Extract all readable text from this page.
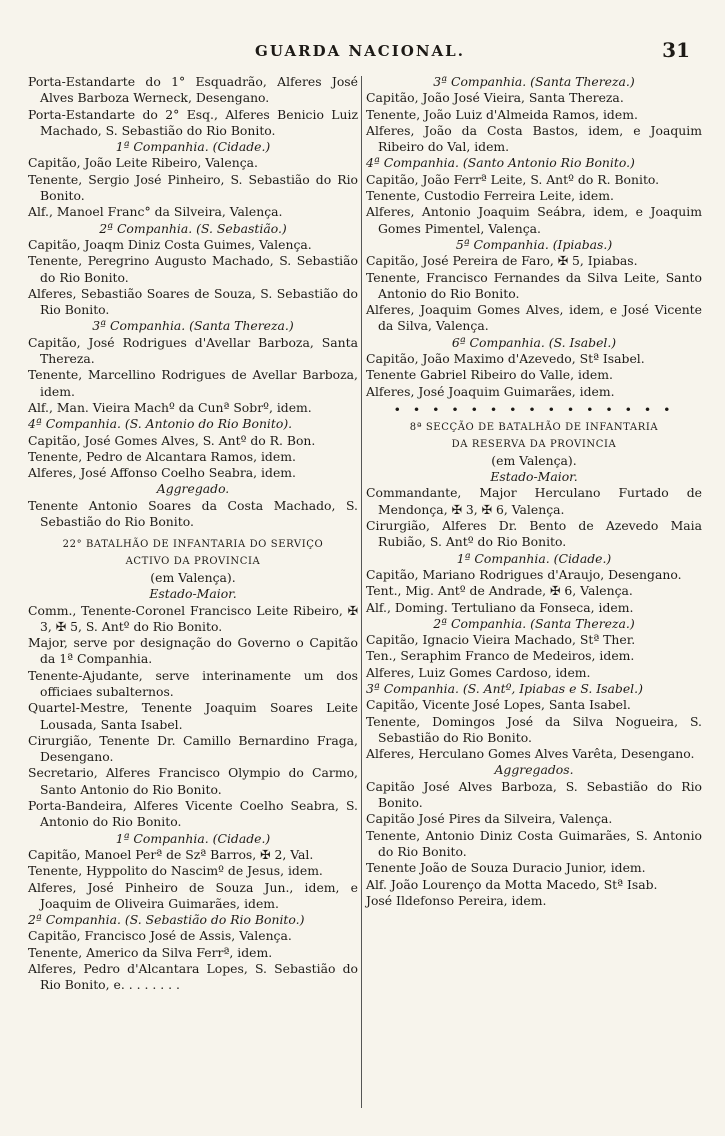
GUARDA NACIONAL.	31

Porta-Estandarte do 1° Esquadrão, Alferes José Alves Barboza Werneck, Desengano.

Porta-Estandarte do 2° Esq., Alferes Benicio Luiz Machado, S. Sebastião do Rio Bonito.

1ª Companhia. (Cidade.)

Capitão, João Leite Ribeiro, Valença.

Tenente, Sergio José Pinheiro, S. Sebastião do Rio Bonito.

Alf., Manoel Franc° da Silveira, Valença.

2ª Companhia. (S. Sebastião.)

Capitão, Joaqm Diniz Costa Guimes, Valença.

Tenente, Peregrino Augusto Machado, S. Sebastião do Rio Bonito.

Alferes, Sebastião Soares de Souza, S. Sebastião do Rio Bonito.

3ª Companhia. (Santa Thereza.)

Capitão, José Rodrigues d'Avellar Barboza, Santa Thereza.

Tenente, Marcellino Rodrigues de Avellar Barboza, idem.

Alf., Man. Vieira Machº da Cunª Sobrº, idem.

4ª Companhia. (S. Antonio do Rio Bonito).

Capitão, José Gomes Alves, S. Antº do R. Bon.

Tenente, Pedro de Alcantara Ramos, idem.

Alferes, José Affonso Coelho Seabra, idem.

Aggregado.

Tenente Antonio Soares da Costa Machado, S. Sebastião do Rio Bonito.

22° BATALHÃO DE INFANTARIA DO SERVIÇO

ACTIVO DA PROVINCIA

(em Valença).

Estado-Maior.

Comm., Tenente-Coronel Francisco Leite Ribeiro, ✠ 3, ✠ 5, S. Antº do Rio Bonito.

Major, serve por designação do Governo o Capitão da 1ª Companhia.

Tenente-Ajudante, serve interinamente um dos officiaes subalternos.

Quartel-Mestre, Tenente Joaquim Soares Leite Lousada, Santa Isabel.

Cirurgião, Tenente Dr. Camillo Bernardino Fraga, Desengano.

Secretario, Alferes Francisco Olympio do Carmo, Santo Antonio do Rio Bonito.

Porta-Bandeira, Alferes Vicente Coelho Seabra, S. Antonio do Rio Bonito.

1ª Companhia. (Cidade.)

Capitão, Manoel Perª de Szª Barros, ✠ 2, Val.

Tenente, Hyppolito do Nascimº de Jesus, idem.

Alferes, José Pinheiro de Souza Jun., idem, e Joaquim de Oliveira Guimarães, idem.

2ª Companhia. (S. Sebastião do Rio Bonito.)

Capitão, Francisco José de Assis, Valença.

Tenente, Americo da Silva Ferrª, idem.

Alferes, Pedro d'Alcantara Lopes, S. Sebastião do Rio Bonito, e. . . . . . . .

3ª Companhia. (Santa Thereza.)

Capitão, João José Vieira, Santa Thereza.

Tenente, João Luiz d'Almeida Ramos, idem.

Alferes, João da Costa Bastos, idem, e Joaquim Ribeiro do Val, idem.

4ª Companhia. (Santo Antonio Rio Bonito.)

Capitão, João Ferrª Leite, S. Antº do R. Bonito.

Tenente, Custodio Ferreira Leite, idem.

Alferes, Antonio Joaquim Seábra, idem, e Joaquim Gomes Pimentel, Valença.

5ª Companhia. (Ipiabas.)

Capitão, José Pereira de Faro, ✠ 5, Ipiabas.

Tenente, Francisco Fernandes da Silva Leite, Santo Antonio do Rio Bonito.

Alferes, Joaquim Gomes Alves, idem, e José Vicente da Silva, Valença.

6ª Companhia. (S. Isabel.)

Capitão, João Maximo d'Azevedo, Stª Isabel.

Tenente Gabriel Ribeiro do Valle, idem.

Alferes, José Joaquim Guimarães, idem.

• • • • • • • • • • • • • • •

8ª SECÇÃO DE BATALHÃO DE INFANTARIA

DA RESERVA DA PROVINCIA

(em Valença).

Estado-Maior.

Commandante, Major Herculano Furtado de Mendonça, ✠ 3, ✠ 6, Valença.

Cirurgião, Alferes Dr. Bento de Azevedo Maia Rubião, S. Antº do Rio Bonito.

1ª Companhia. (Cidade.)

Capitão, Mariano Rodrigues d'Araujo, Desengano.

Tent., Mig. Antº de Andrade, ✠ 6, Valença.

Alf., Doming. Tertuliano da Fonseca, idem.

2ª Companhia. (Santa Thereza.)

Capitão, Ignacio Vieira Machado, Stª Ther.

Ten., Seraphim Franco de Medeiros, idem.

Alferes, Luiz Gomes Cardoso, idem.

3ª Companhia. (S. Antº, Ipiabas e S. Isabel.)

Capitão, Vicente José Lopes, Santa Isabel.

Tenente, Domingos José da Silva Nogueira, S. Sebastião do Rio Bonito.

Alferes, Herculano Gomes Alves Varêta, Desengano.

Aggregados.

Capitão José Alves Barboza, S. Sebastião do Rio Bonito.

Capitão José Pires da Silveira, Valença.

Tenente, Antonio Diniz Costa Guimarães, S. Antonio do Rio Bonito.

Tenente João de Souza Duracio Junior, idem.

Alf. João Lourenço da Motta Macedo, Stª Isab.

José Ildefonso Pereira, idem.
